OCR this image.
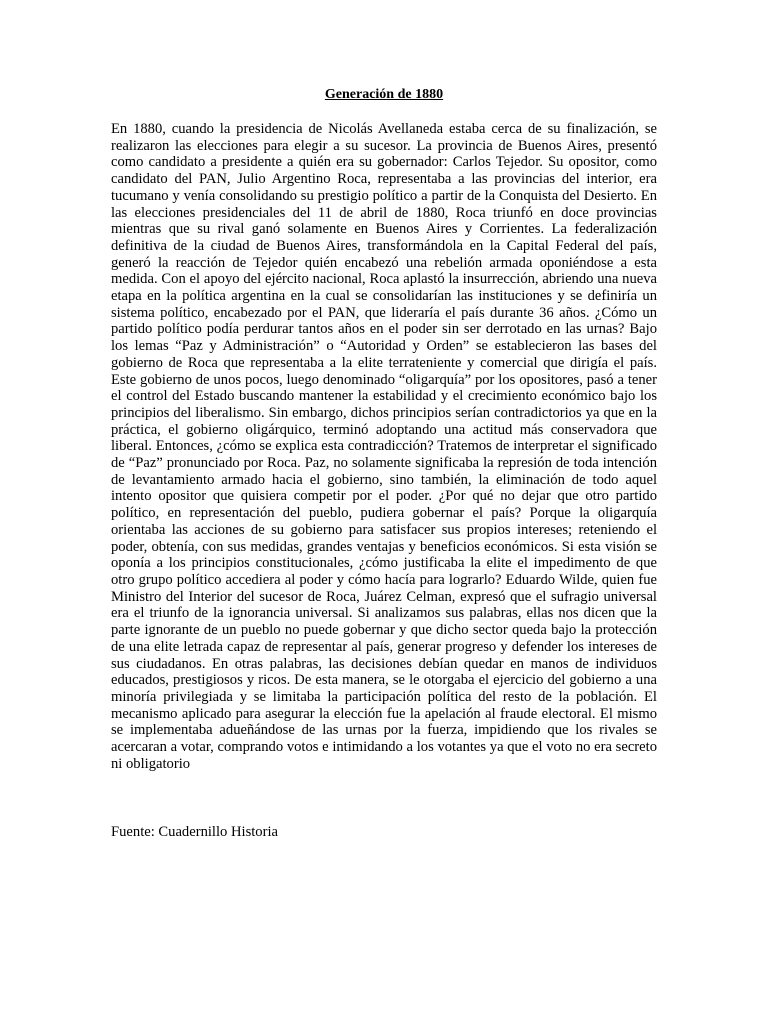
Generación de 1880

En 1880, cuando la presidencia de Nicolás Avellaneda estaba cerca de su finalización, se realizaron las elecciones para elegir a su sucesor. La provincia de Buenos Aires, presentó como candidato a presidente a quién era su gobernador: Carlos Tejedor. Su opositor, como candidato del PAN, Julio Argentino Roca, representaba a las provincias del interior, era tucumano y venía consolidando su prestigio político a partir de la Conquista del Desierto. En las elecciones presidenciales del 11 de abril de 1880, Roca triunfó en doce provincias mientras que su rival ganó solamente en Buenos Aires y Corrientes. La federalización definitiva de la ciudad de Buenos Aires, transformándola en la Capital Federal del país, generó la reacción de Tejedor quién encabezó una rebelión armada oponiéndose a esta medida. Con el apoyo del ejército nacional, Roca aplastó la insurrección, abriendo una nueva etapa en la política argentina en la cual se consolidarían las instituciones y se definiría un sistema político, encabezado por el PAN, que lideraría el país durante 36 años. ¿Cómo un partido político podía perdurar tantos años en el poder sin ser derrotado en las urnas? Bajo los lemas “Paz y Administración” o “Autoridad y Orden” se establecieron las bases del gobierno de Roca que representaba a la elite terrateniente y comercial que dirigía el país. Este gobierno de unos pocos, luego denominado “oligarquía” por los opositores, pasó a tener el control del Estado buscando mantener la estabilidad y el crecimiento económico bajo los principios del liberalismo. Sin embargo, dichos principios serían contradictorios ya que en la práctica, el gobierno oligárquico, terminó adoptando una actitud más conservadora que liberal. Entonces, ¿cómo se explica esta contradicción? Tratemos de interpretar el significado de “Paz” pronunciado por Roca. Paz, no solamente significaba la represión de toda intención de levantamiento armado hacia el gobierno, sino también, la eliminación de todo aquel intento opositor que quisiera competir por el poder. ¿Por qué no dejar que otro partido político, en representación del pueblo, pudiera gobernar el país? Porque la oligarquía orientaba las acciones de su gobierno para satisfacer sus propios intereses; reteniendo el poder, obtenía, con sus medidas, grandes ventajas y beneficios económicos. Si esta visión se oponía a los principios constitucionales, ¿cómo justificaba la elite el impedimento de que otro grupo político accediera al poder y cómo hacía para lograrlo? Eduardo Wilde, quien fue Ministro del Interior del sucesor de Roca, Juárez Celman, expresó que el sufragio universal era el triunfo de la ignorancia universal. Si analizamos sus palabras, ellas nos dicen que la parte ignorante de un pueblo no puede gobernar y que dicho sector queda bajo la protección de una elite letrada capaz de representar al país, generar progreso y defender los intereses de sus ciudadanos. En otras palabras, las decisiones debían quedar en manos de individuos educados, prestigiosos y ricos. De esta manera, se le otorgaba el ejercicio del gobierno a una minoría privilegiada y se limitaba la participación política del resto de la población. El mecanismo aplicado para asegurar la elección fue la apelación al fraude electoral. El mismo se implementaba adueñándose de las urnas por la fuerza, impidiendo que los rivales se acercaran a votar, comprando votos e intimidando a los votantes ya que el voto no era secreto ni obligatorio

Fuente: Cuadernillo Historia
